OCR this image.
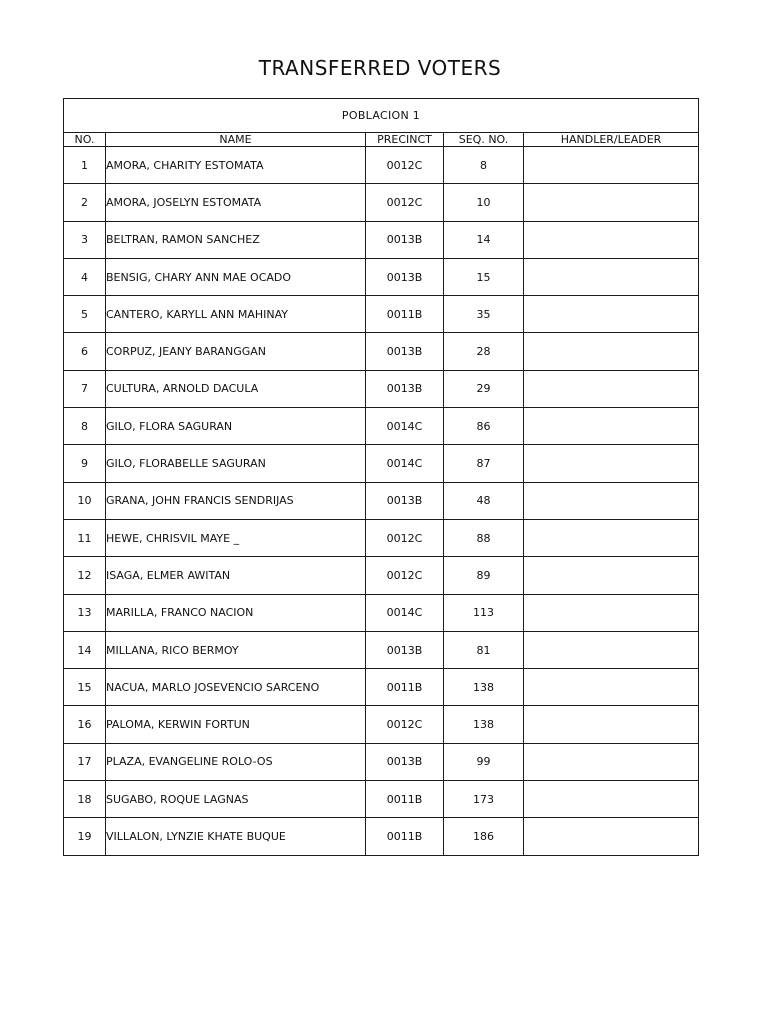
TRANSFERRED VOTERS
POBLACION 1				
NO.	NAME	PRECINCT	SEQ. NO.	HANDLER/LEADER
1	AMORA, CHARITY ESTOMATA	0012C	8	
2	AMORA, JOSELYN ESTOMATA	0012C	10	
3	BELTRAN, RAMON SANCHEZ	0013B	14	
4	BENSIG, CHARY ANN MAE OCADO	0013B	15	
5	CANTERO, KARYLL ANN MAHINAY	0011B	35	
6	CORPUZ, JEANY BARANGGAN	0013B	28	
7	CULTURA, ARNOLD DACULA	0013B	29	
8	GILO, FLORA SAGURAN	0014C	86	
9	GILO, FLORABELLE SAGURAN	0014C	87	
10	GRANA, JOHN FRANCIS SENDRIJAS	0013B	48	
11	HEWE, CHRISVIL MAYE _	0012C	88	
12	ISAGA, ELMER AWITAN	0012C	89	
13	MARILLA, FRANCO NACION	0014C	113	
14	MILLANA, RICO BERMOY	0013B	81	
15	NACUA, MARLO JOSEVENCIO SARCENO	0011B	138	
16	PALOMA, KERWIN FORTUN	0012C	138	
17	PLAZA, EVANGELINE ROLO-OS	0013B	99	
18	SUGABO, ROQUE LAGNAS	0011B	173	
19	VILLALON, LYNZIE KHATE BUQUE	0011B	186	
